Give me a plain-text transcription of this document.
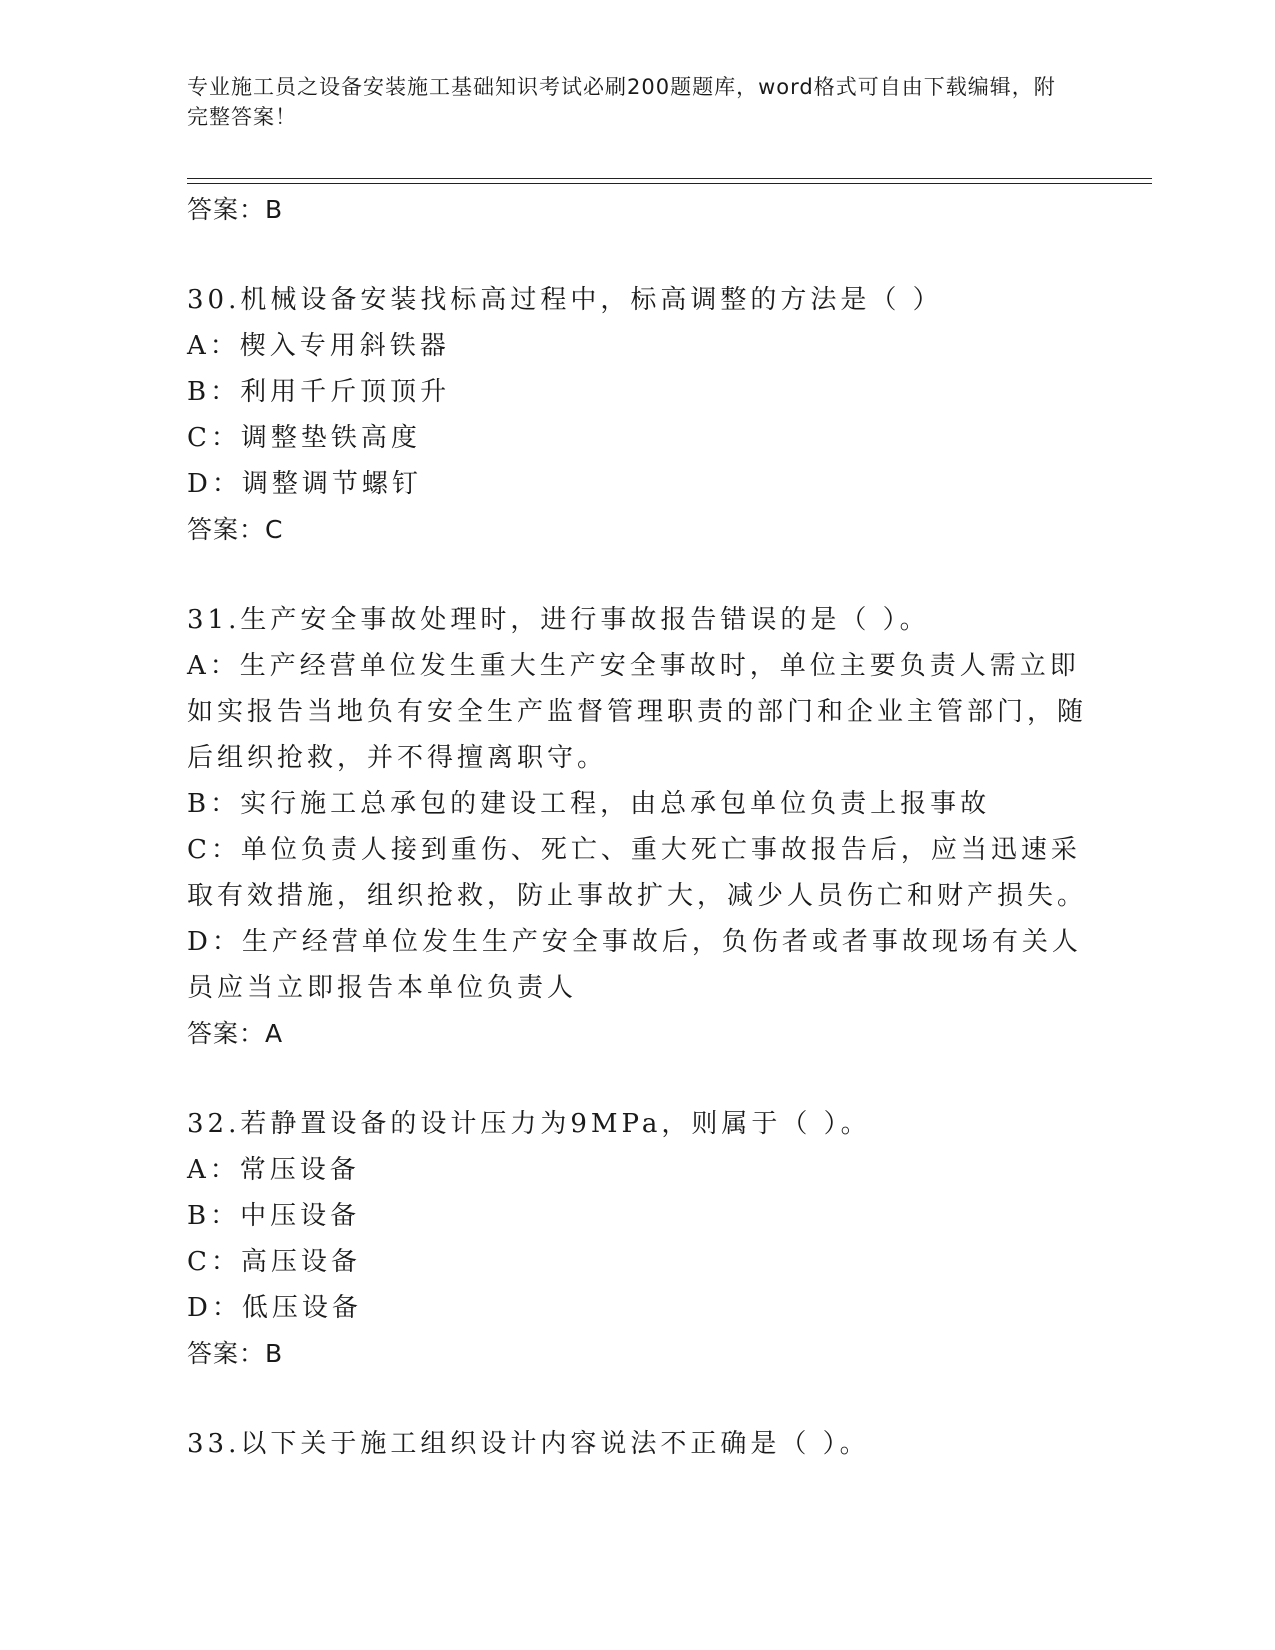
专业施工员之设备安装施工基础知识考试必刷200题题库，word格式可自由下载编辑，附完整答案！
答案：B
30.机械设备安装找标高过程中，标高调整的方法是（ ）
A：楔入专用斜铁器
B：利用千斤顶顶升
C：调整垫铁高度
D：调整调节螺钉
答案：C
31.生产安全事故处理时，进行事故报告错误的是（ ）。
A：生产经营单位发生重大生产安全事故时，单位主要负责人需立即如实报告当地负有安全生产监督管理职责的部门和企业主管部门，随后组织抢救，并不得擅离职守。
B：实行施工总承包的建设工程，由总承包单位负责上报事故
C：单位负责人接到重伤、死亡、重大死亡事故报告后，应当迅速采取有效措施，组织抢救，防止事故扩大，减少人员伤亡和财产损失。
D：生产经营单位发生生产安全事故后，负伤者或者事故现场有关人员应当立即报告本单位负责人
答案：A
32.若静置设备的设计压力为9MPa，则属于（ ）。
A：常压设备
B：中压设备
C：高压设备
D：低压设备
答案：B
33.以下关于施工组织设计内容说法不正确是（ ）。
